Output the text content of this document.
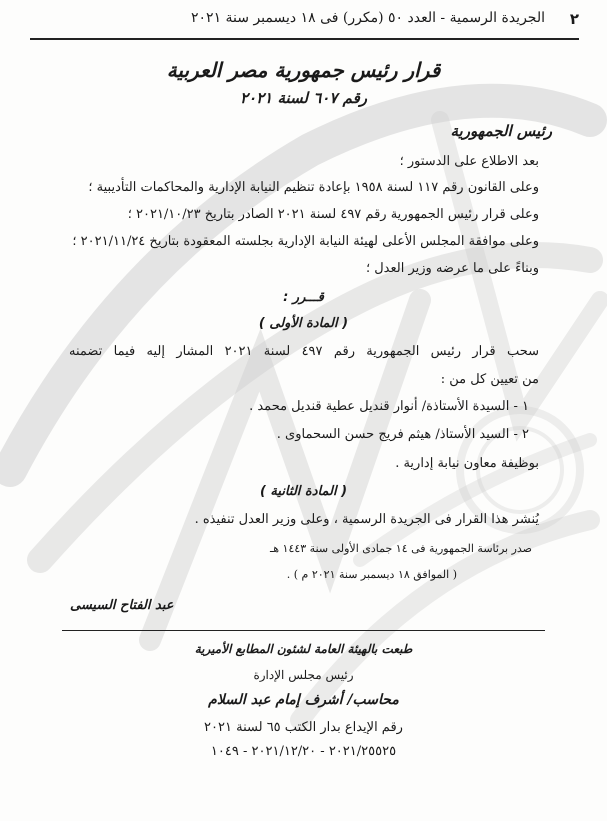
٢
الجريدة الرسمية - العدد ٥٠ (مكرر) فى ١٨ ديسمبر سنة ٢٠٢١
قرار رئيس جمهورية مصر العربية
رقم ٦٠٧ لسنة ٢٠٢١
رئيس الجمهورية
بعد الاطلاع على الدستور ؛
وعلى القانون رقم ١١٧ لسنة ١٩٥٨ بإعادة تنظيم النيابة الإدارية والمحاكمات التأديبية ؛
وعلى قرار رئيس الجمهورية رقم ٤٩٧ لسنة ٢٠٢١ الصادر بتاريخ ٢٠٢١/١٠/٢٣ ؛
وعلى موافقة المجلس الأعلى لهيئة النيابة الإدارية بجلسته المعقودة بتاريخ ٢٠٢١/١١/٢٤ ؛
وبناءً على ما عرضه وزير العدل ؛
قـــرر :
( المادة الأولى )
سحب قرار رئيس الجمهورية رقم ٤٩٧ لسنة ٢٠٢١ المشار إليه فيما تضمنه
من تعيين كل من :
١ - السيدة الأستاذة/ أنوار قنديل عطية قنديل محمد .
٢ - السيد الأستاذ/ هيثم فريج حسن السحماوى .
بوظيفة معاون نيابة إدارية .
( المادة الثانية )
يُنشر هذا القرار فى الجريدة الرسمية ، وعلى وزير العدل تنفيذه .
صدر برئاسة الجمهورية فى ١٤ جمادى الأولى سنة ١٤٤٣ هـ
( الموافق ١٨ ديسمبر سنة ٢٠٢١ م ) .
عبد الفتاح السيسى
طبعت بالهيئة العامة لشئون المطابع الأميرية
رئيس مجلس الإدارة
محاسب/ أشرف إمام عبد السلام
رقم الإيداع بدار الكتب ٦٥ لسنة ٢٠٢١
٢٠٢١/٢٥٥٢٥ - ٢٠٢١/١٢/٢٠ - ١٠٤٩
